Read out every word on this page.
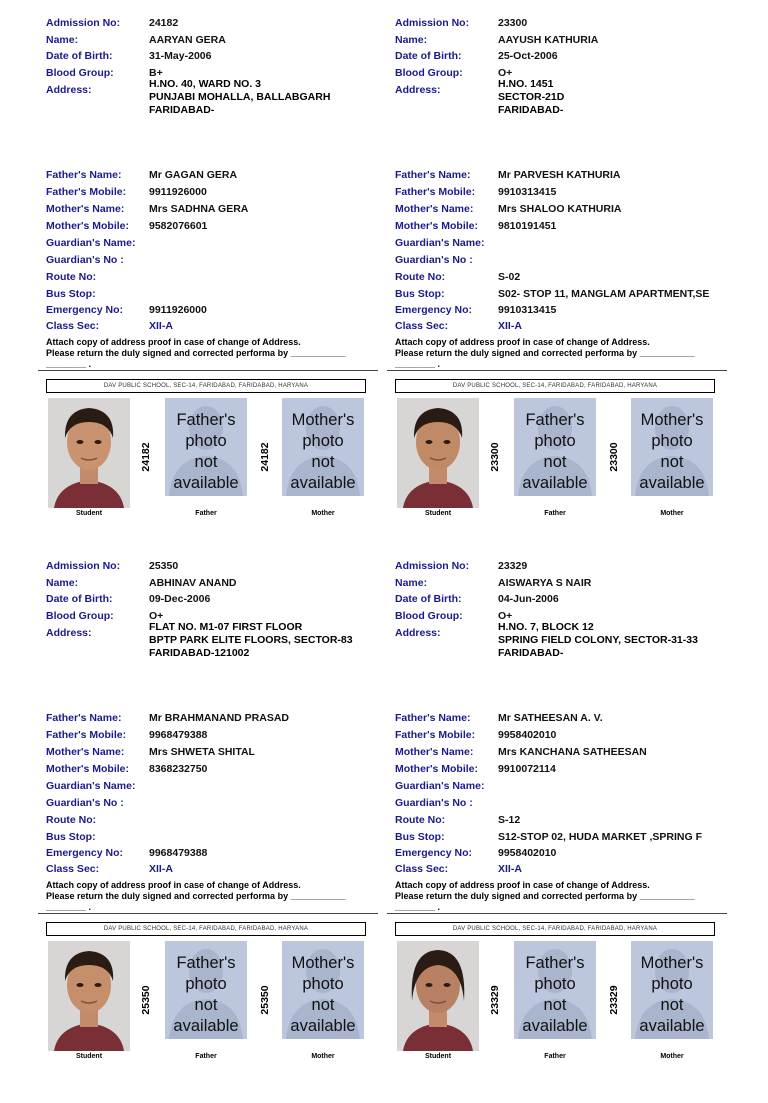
Admission No:	24182
Name:	AARYAN GERA
Date of Birth:	31-May-2006
Blood Group:	B+
Address:	H.NO. 40, WARD NO. 3
PUNJABI MOHALLA, BALLABGARH
FARIDABAD-
Father's Name:	Mr GAGAN GERA
Father's Mobile: 9911926000
Mother's Name: Mrs SADHNA GERA
Mother's Mobile: 9582076601
Guardian's Name:
Guardian's No :
Route No:
Bus Stop:
Emergency No: 9911926000
Class Sec:	XII-A
Attach copy of address proof in case of change of Address.
Please return the duly signed and corrected performa by ___________
________ .
DAV PUBLIC SCHOOL, SEC-14, FARIDABAD, FARIDABAD, HARYANA
24182
Father's
photo
not
available
24182
Mother's
photo
not
available
Student	Father	Mother
Admission No:	23300
Name:	AAYUSH KATHURIA
Date of Birth:	25-Oct-2006
Blood Group:	O+
Address:	H.NO. 1451
SECTOR-21D
FARIDABAD-
Father's Name:	Mr PARVESH KATHURIA
Father's Mobile: 9910313415
Mother's Name: Mrs SHALOO KATHURIA
Mother's Mobile: 9810191451
Guardian's Name:
Guardian's No :
Route No:	S-02
Bus Stop:	S02- STOP 11, MANGLAM APARTMENT,SE
Emergency No: 9910313415
Class Sec:	XII-A
Attach copy of address proof in case of change of Address.
Please return the duly signed and corrected performa by ___________
________ .
DAV PUBLIC SCHOOL, SEC-14, FARIDABAD, FARIDABAD, HARYANA
23300
Father's
photo
not
available
23300
Mother's
photo
not
available
Student	Father	Mother
Admission No:	25350
Name:	ABHINAV ANAND
Date of Birth:	09-Dec-2006
Blood Group:	O+
Address:	FLAT NO. M1-07 FIRST FLOOR
BPTP PARK ELITE FLOORS, SECTOR-83
FARIDABAD-121002
Father's Name:	Mr BRAHMANAND PRASAD
Father's Mobile: 9968479388
Mother's Name: Mrs SHWETA SHITAL
Mother's Mobile: 8368232750
Guardian's Name:
Guardian's No :
Route No:
Bus Stop:
Emergency No: 9968479388
Class Sec:	XII-A
Attach copy of address proof in case of change of Address.
Please return the duly signed and corrected performa by ___________
________ .
DAV PUBLIC SCHOOL, SEC-14, FARIDABAD, FARIDABAD, HARYANA
25350
Father's
photo
not
available
25350
Mother's
photo
not
available
Student	Father	Mother
Admission No:	23329
Name:	AISWARYA S NAIR
Date of Birth:	04-Jun-2006
Blood Group:	O+
Address:	H.NO. 7, BLOCK 12
SPRING FIELD COLONY, SECTOR-31-33
FARIDABAD-
Father's Name:	Mr SATHEESAN A. V.
Father's Mobile: 9958402010
Mother's Name: Mrs KANCHANA SATHEESAN
Mother's Mobile: 9910072114
Guardian's Name:
Guardian's No :
Route No:	S-12
Bus Stop:	S12-STOP 02, HUDA MARKET ,SPRING F
Emergency No: 9958402010
Class Sec:	XII-A
Attach copy of address proof in case of change of Address.
Please return the duly signed and corrected performa by ___________
________ .
DAV PUBLIC SCHOOL, SEC-14, FARIDABAD, FARIDABAD, HARYANA
23329
Father's
photo
not
available
23329
Mother's
photo
not
available
Student	Father	Mother
